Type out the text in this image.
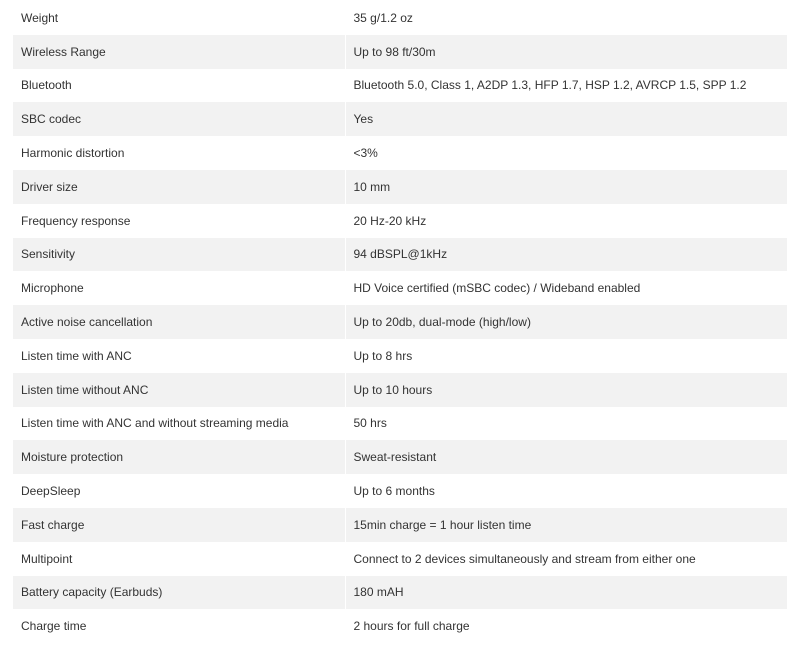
Weight	35 g/1.2 oz
Wireless Range	Up to 98 ft/30m
Bluetooth	Bluetooth 5.0, Class 1, A2DP 1.3, HFP 1.7, HSP 1.2, AVRCP 1.5, SPP 1.2
SBC codec	Yes
Harmonic distortion	<3%
Driver size	10 mm
Frequency response	20 Hz-20 kHz
Sensitivity	94 dBSPL@1kHz
Microphone	HD Voice certified (mSBC codec) / Wideband enabled
Active noise cancellation	Up to 20db, dual-mode (high/low)
Listen time with ANC	Up to 8 hrs
Listen time without ANC	Up to 10 hours
Listen time with ANC and without streaming media	50 hrs
Moisture protection	Sweat-resistant
DeepSleep	Up to 6 months
Fast charge	15min charge = 1 hour listen time
Multipoint	Connect to 2 devices simultaneously and stream from either one
Battery capacity (Earbuds)	180 mAH
Charge time	2 hours for full charge
